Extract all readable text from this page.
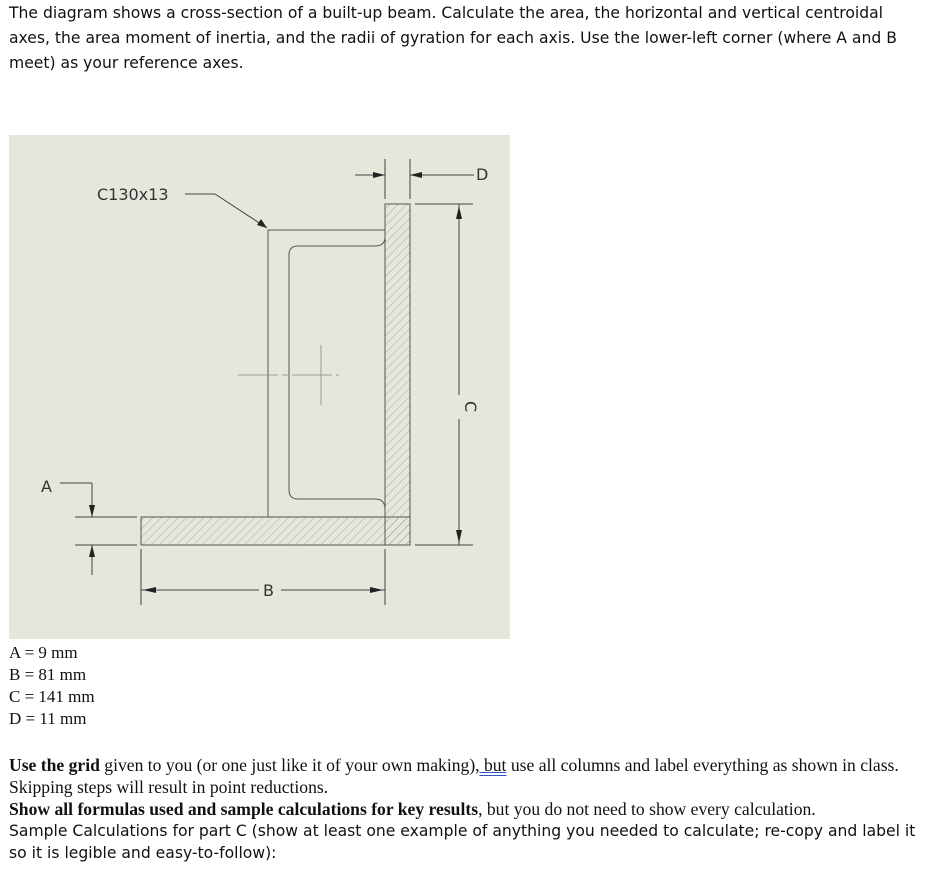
The diagram shows a cross-section of a built-up beam. Calculate the area, the horizontal and vertical centroidal
axes, the area moment of inertia, and the radii of gyration for each axis. Use the lower-left corner (where A and B
meet) as your reference axes.
C130x13
D
C
A
B
A = 9 mm
B = 81 mm
C = 141 mm
D = 11 mm
Use the grid given to you (or one just like it of your own making), but use all columns and label everything as shown in class. Skipping steps will result in point reductions.
Show all formulas used and sample calculations for key results, but you do not need to show every calculation.
Sample Calculations for part C (show at least one example of anything you needed to calculate; re-copy and label it so it is legible and easy-to-follow):
